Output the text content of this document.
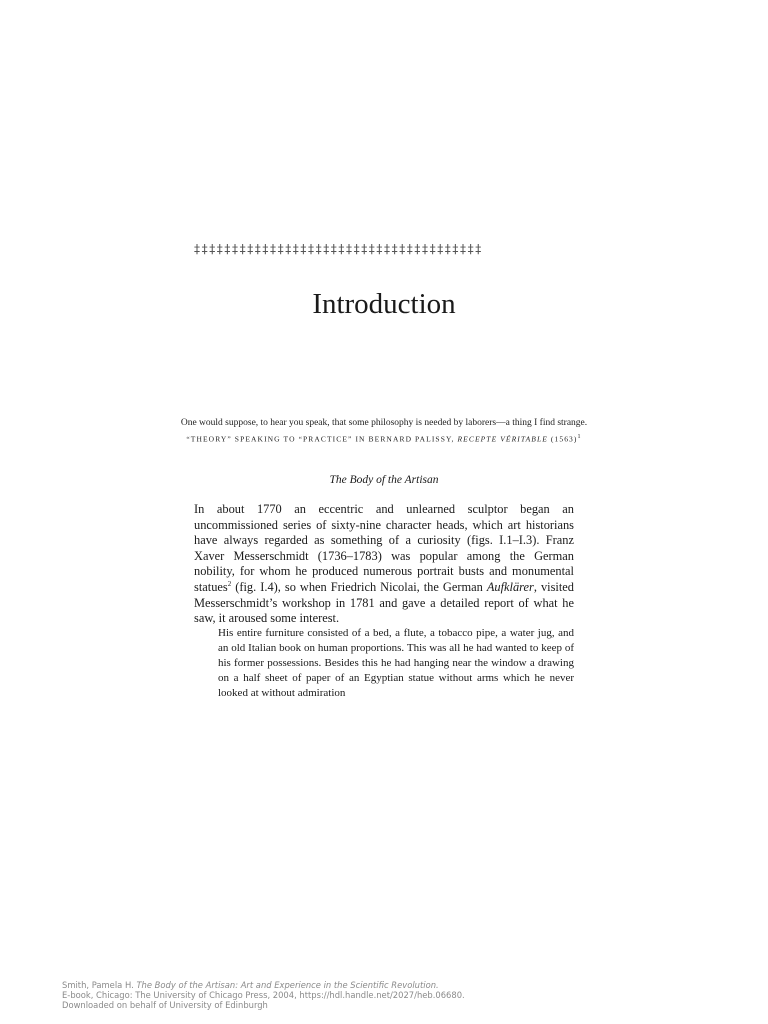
‡‡‡‡‡‡‡‡‡‡‡‡‡‡‡‡‡‡‡‡‡‡‡‡‡‡‡‡‡‡‡‡‡‡‡‡‡‡
Introduction
One would suppose, to hear you speak, that some philosophy is needed by laborers—a thing I find strange.
“THEORY” SPEAKING TO “PRACTICE” IN BERNARD PALISSY, RECEPTE VÉRITABLE $(1563)^1$
The Body of the Artisan

In about 1770 an eccentric and unlearned sculptor began an uncommissioned series of sixty-nine character heads, which art historians have always regarded as something of a curiosity (figs. I.1–I.3). Franz Xaver Messerschmidt (1736–1783) was popular among the German nobility, for whom he produced numerous portrait busts and monumental statues$^2$ (fig. I.4), so when Friedrich Nicolai, the German Aufklärer, visited Messerschmidt’s workshop in 1781 and gave a detailed report of what he saw, it aroused some interest.

His entire furniture consisted of a bed, a flute, a tobacco pipe, a water jug, and an old Italian book on human proportions. This was all he had wanted to keep of his former possessions. Besides this he had hanging near the window a drawing on a half sheet of paper of an Egyptian statue without arms which he never looked at without admiration

Smith, Pamela H. The Body of the Artisan: Art and Experience in the Scientific Revolution.
E-book, Chicago: The University of Chicago Press, 2004, https://hdl.handle.net/2027/heb.06680.
Downloaded on behalf of University of Edinburgh
